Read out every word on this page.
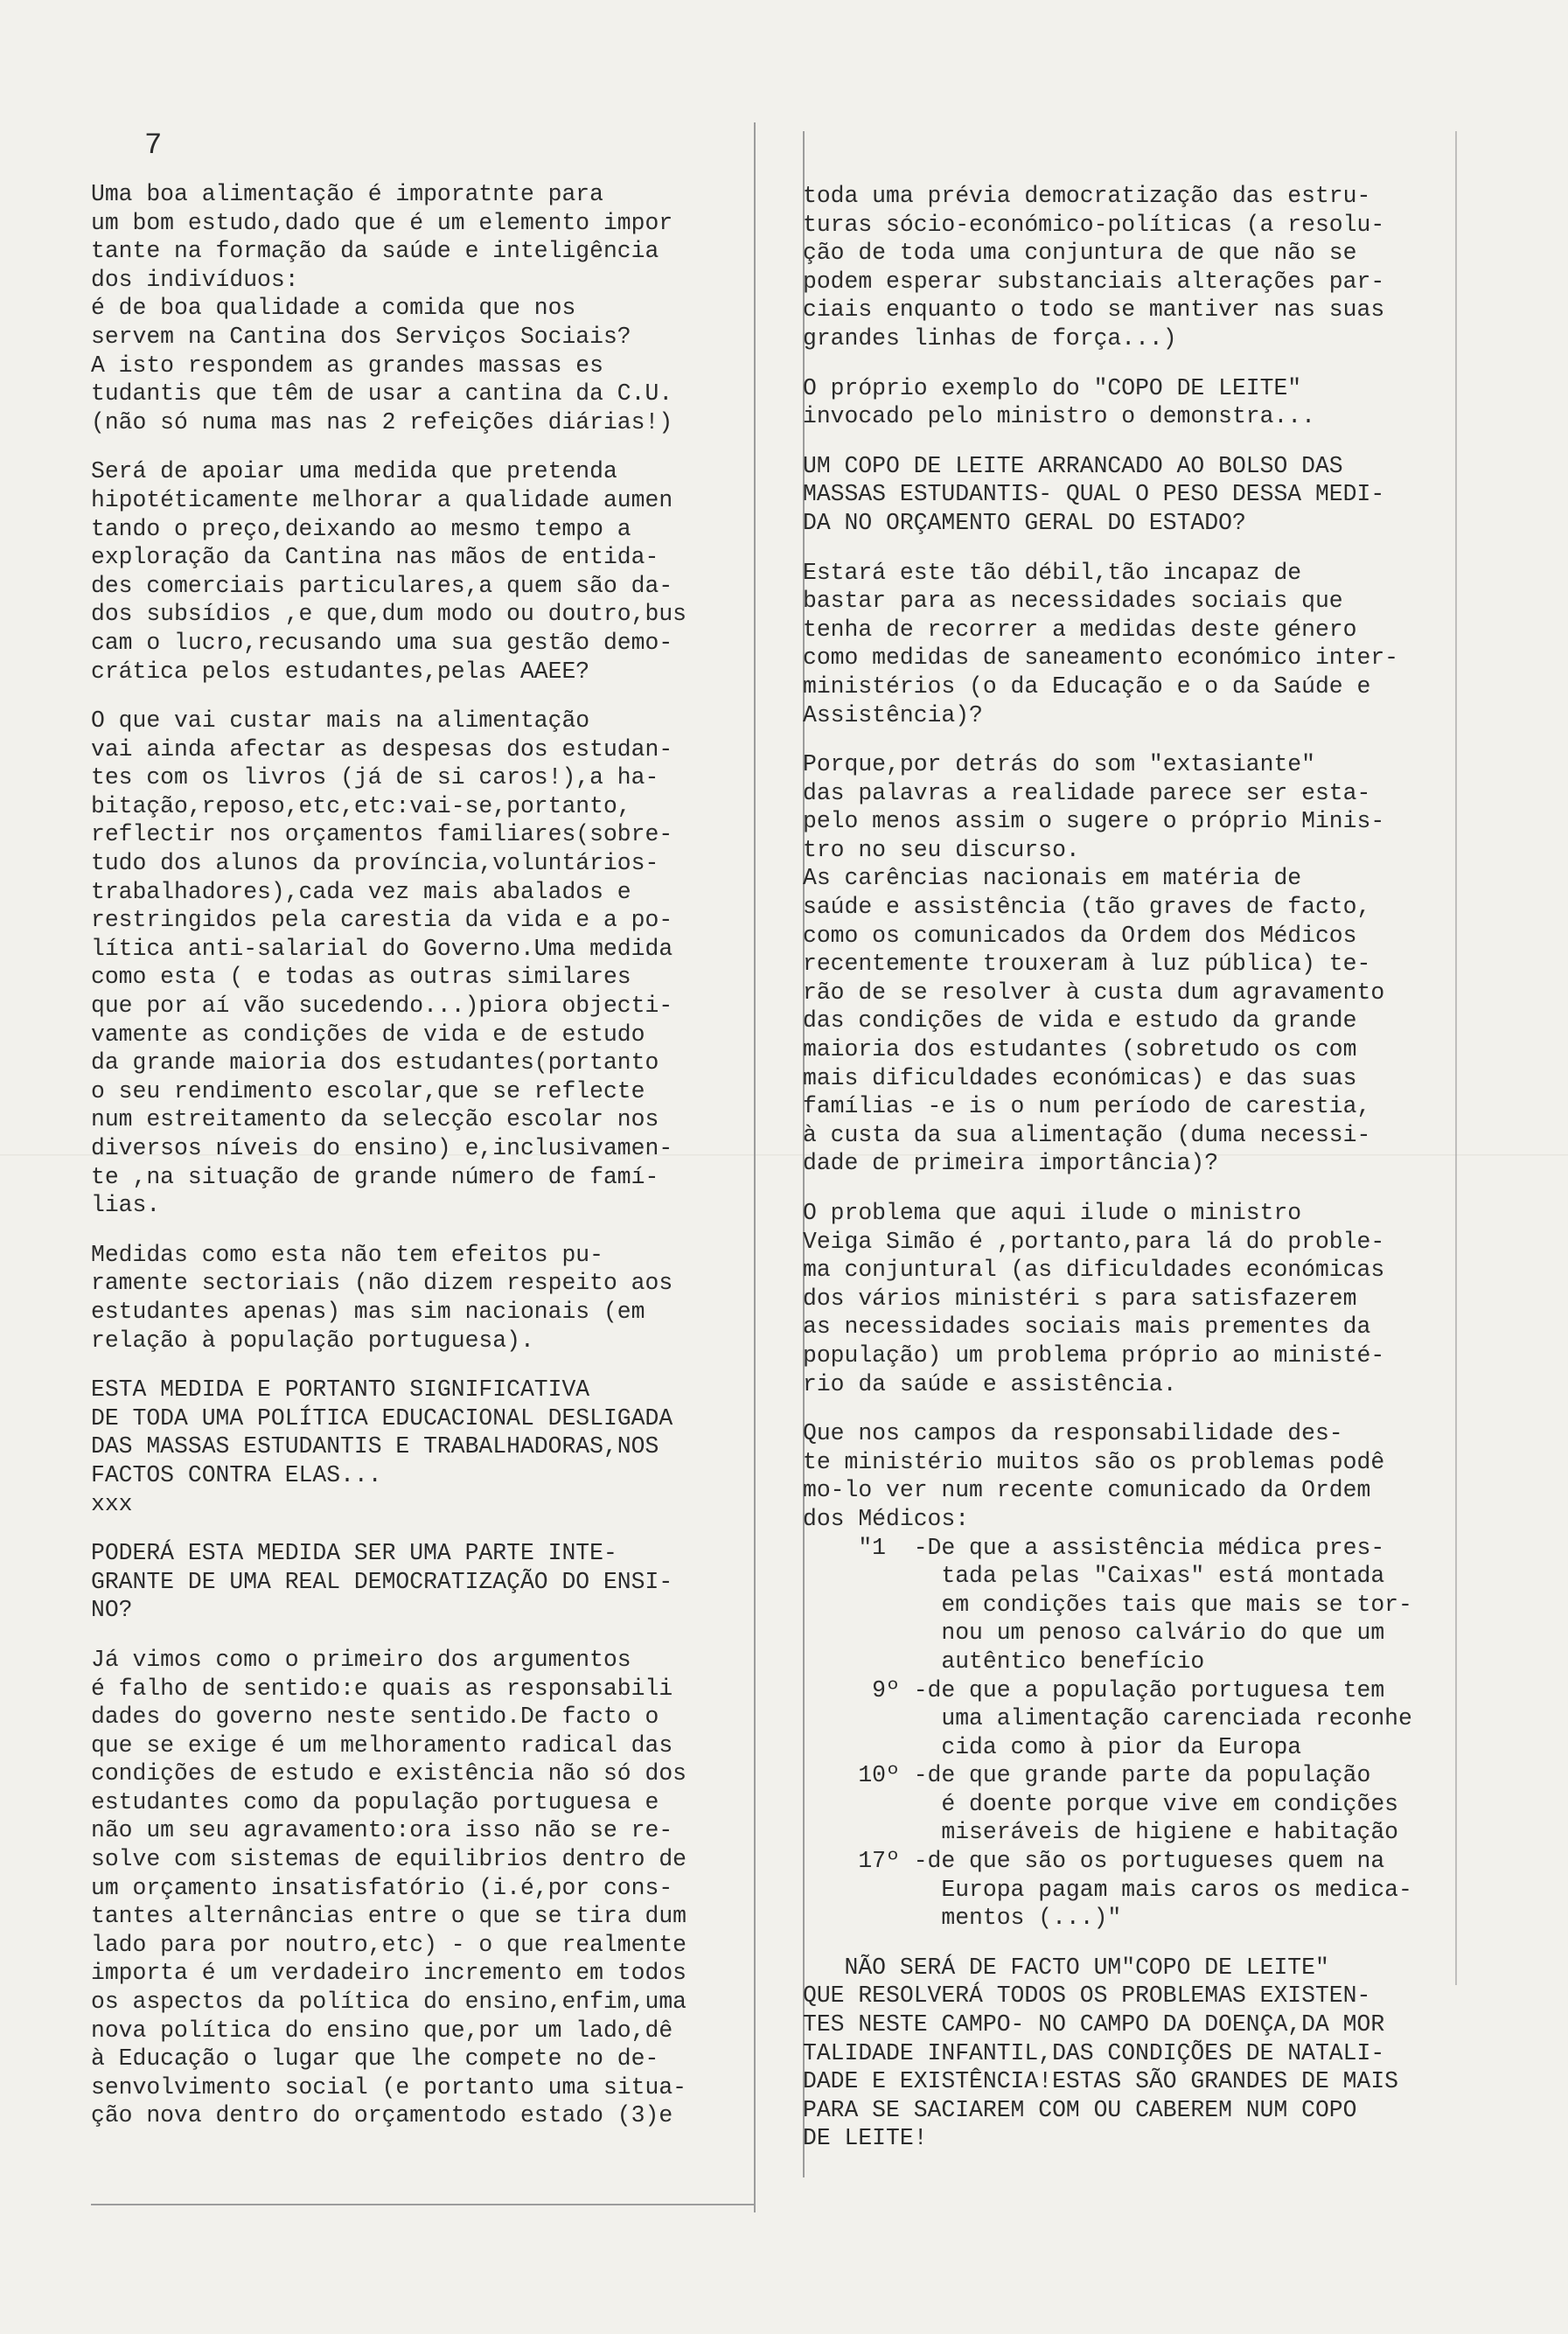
7
Uma boa alimentação é imporatnte para
um bom estudo,dado que é um elemento impor
tante na formação da saúde e inteligência
dos indivíduos:
é de boa qualidade a comida que nos
servem na Cantina dos Serviços Sociais?
A isto respondem as grandes massas es
tudantis que têm de usar a cantina da C.U.
(não só numa mas nas 2 refeições diárias!)
Será de apoiar uma medida que pretenda
hipotéticamente melhorar a qualidade aumen
tando o preço,deixando ao mesmo tempo a
exploração da Cantina nas mãos de entida-
des comerciais particulares,a quem são da-
dos subsídios ,e que,dum modo ou doutro,bus
cam o lucro,recusando uma sua gestão demo-
crática pelos estudantes,pelas AAEE?
O que vai custar mais na alimentação
vai ainda afectar as despesas dos estudan-
tes com os livros (já de si caros!),a ha-
bitação,reposo,etc,etc:vai-se,portanto,
reflectir nos orçamentos familiares(sobre-
tudo dos alunos da província,voluntários-
trabalhadores),cada vez mais abalados e
restringidos pela carestia da vida e a po-
lítica anti-salarial do Governo.Uma medida
como esta ( e todas as outras similares
que por aí vão sucedendo...)piora objecti-
vamente as condições de vida e de estudo
da grande maioria dos estudantes(portanto
o seu rendimento escolar,que se reflecte
num estreitamento da selecção escolar nos
diversos níveis do ensino) e,inclusivamen-
te ,na situação de grande número de famí-
lias.
Medidas como esta não tem efeitos pu-
ramente sectoriais (não dizem respeito aos
estudantes apenas) mas sim nacionais (em
relação à população portuguesa).
ESTA MEDIDA E PORTANTO SIGNIFICATIVA
DE TODA UMA POLÍTICA EDUCACIONAL DESLIGADA
DAS MASSAS ESTUDANTIS E TRABALHADORAS,NOS
FACTOS CONTRA ELAS...
xxx
PODERÁ ESTA MEDIDA SER UMA PARTE INTE-
GRANTE DE UMA REAL DEMOCRATIZAÇÃO DO ENSI-
NO?
Já vimos como o primeiro dos argumentos
é falho de sentido:e quais as responsabili
dades do governo neste sentido.De facto o
que se exige é um melhoramento radical das
condições de estudo e existência não só dos
estudantes como da população portuguesa e
não um seu agravamento:ora isso não se re-
solve com sistemas de equilibrios dentro de
um orçamento insatisfatório (i.é,por cons-
tantes alternâncias entre o que se tira dum
lado para por noutro,etc) - o que realmente
importa é um verdadeiro incremento em todos
os aspectos da política do ensino,enfim,uma
nova política do ensino que,por um lado,dê
à Educação o lugar que lhe compete no de-
senvolvimento social (e portanto uma situa-
ção nova dentro do orçamentodo estado (3)e
toda uma prévia democratização das estru-
turas sócio-económico-políticas (a resolu-
ção de toda uma conjuntura de que não se
podem esperar substanciais alterações par-
ciais enquanto o todo se mantiver nas suas
grandes linhas de força...)
O próprio exemplo do "COPO DE LEITE"
invocado pelo ministro o demonstra...
UM COPO DE LEITE ARRANCADO AO BOLSO DAS
MASSAS ESTUDANTIS- QUAL O PESO DESSA MEDI-
DA NO ORÇAMENTO GERAL DO ESTADO?
Estará este tão débil,tão incapaz de
bastar para as necessidades sociais que
tenha de recorrer a medidas deste género
como medidas de saneamento económico inter-
ministérios (o da Educação e o da Saúde e
Assistência)?
Porque,por detrás do som "extasiante"
das palavras a realidade parece ser esta-
pelo menos assim o sugere o próprio Minis-
tro no seu discurso.
As carências nacionais em matéria de
saúde e assistência (tão graves de facto,
como os comunicados da Ordem dos Médicos
recentemente trouxeram à luz pública) te-
rão de se resolver à custa dum agravamento
das condições de vida e estudo da grande
maioria dos estudantes (sobretudo os com
mais dificuldades económicas) e das suas
famílias -e is o num período de carestia,
à custa da sua alimentação (duma necessi-
dade de primeira importância)?
O problema que aqui ilude o ministro
Veiga Simão é ,portanto,para lá do proble-
ma conjuntural (as dificuldades económicas
dos vários ministéri s para satisfazerem
as necessidades sociais mais prementes da
população) um problema próprio ao ministé-
rio da saúde e assistência.
Que nos campos da responsabilidade des-
te ministério muitos são os problemas podê
mo-lo ver num recente comunicado da Ordem
dos Médicos:
"1  -De que a assistência médica pres-
tada pelas "Caixas" está montada
em condições tais que mais se tor-
nou um penoso calvário do que um
autêntico benefício
9º -de que a população portuguesa tem
uma alimentação carenciada reconhe
cida como à pior da Europa
10º -de que grande parte da população
é doente porque vive em condições
miseráveis de higiene e habitação
17º -de que são os portugueses quem na
Europa pagam mais caros os medica-
mentos (...)"
NÃO SERÁ DE FACTO UM"COPO DE LEITE"
QUE RESOLVERÁ TODOS OS PROBLEMAS EXISTEN-
TES NESTE CAMPO- NO CAMPO DA DOENÇA,DA MOR
TALIDADE INFANTIL,DAS CONDIÇÕES DE NATALI-
DADE E EXISTÊNCIA!ESTAS SÃO GRANDES DE MAIS
PARA SE SACIAREM COM OU CABEREM NUM COPO
DE LEITE!
